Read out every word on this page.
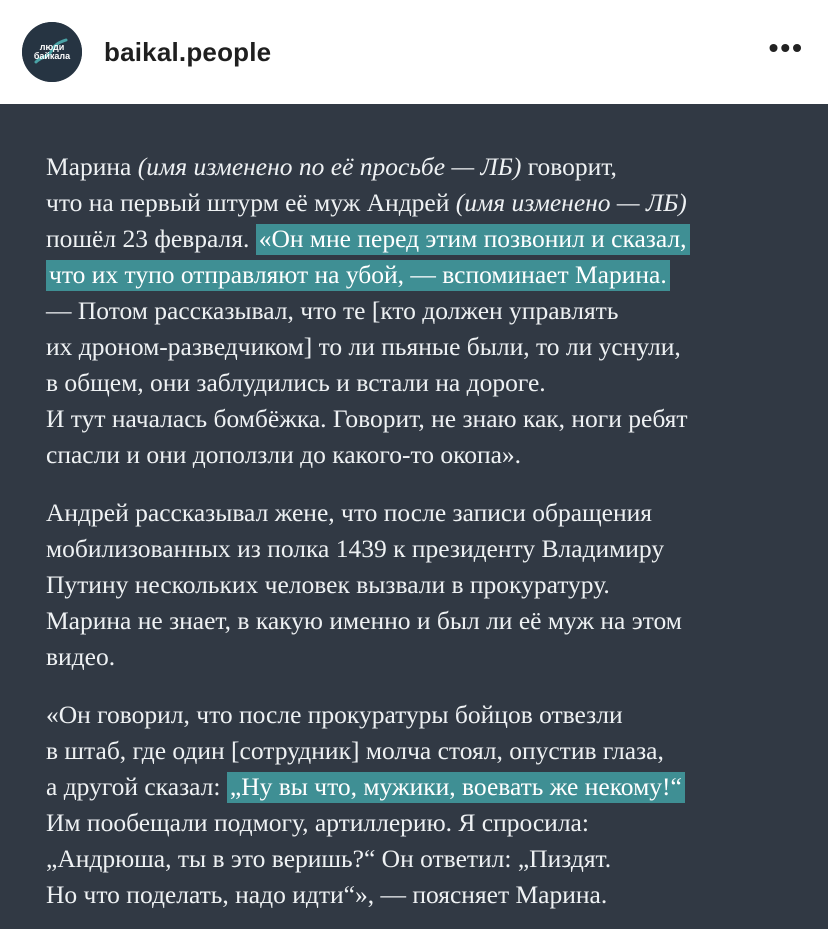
люди байкала baikal.people	•••
Марина (имя изменено по её просьбе — ЛБ) говорит,
что на первый штурм её муж Андрей (имя изменено — ЛБ)
пошёл 23 февраля. «Он мне перед этим позвонил и сказал,
что их тупо отправляют на убой, — вспоминает Марина.
— Потом рассказывал, что те [кто должен управлять
их дроном-разведчиком] то ли пьяные были, то ли уснули,
в общем, они заблудились и встали на дороге.
И тут началась бомбёжка. Говорит, не знаю как, ноги ребят
спасли и они доползли до какого-то окопа».
Андрей рассказывал жене, что после записи обращения
мобилизованных из полка 1439 к президенту Владимиру
Путину нескольких человек вызвали в прокуратуру.
Марина не знает, в какую именно и был ли её муж на этом
видео.
«Он говорил, что после прокуратуры бойцов отвезли
в штаб, где один [сотрудник] молча стоял, опустив глаза,
а другой сказал: „Ну вы что, мужики, воевать же некому!“
Им пообещали подмогу, артиллерию. Я спросила:
„Андрюша, ты в это веришь?“ Он ответил: „Пиздят.
Но что поделать, надо идти“», — поясняет Марина.
